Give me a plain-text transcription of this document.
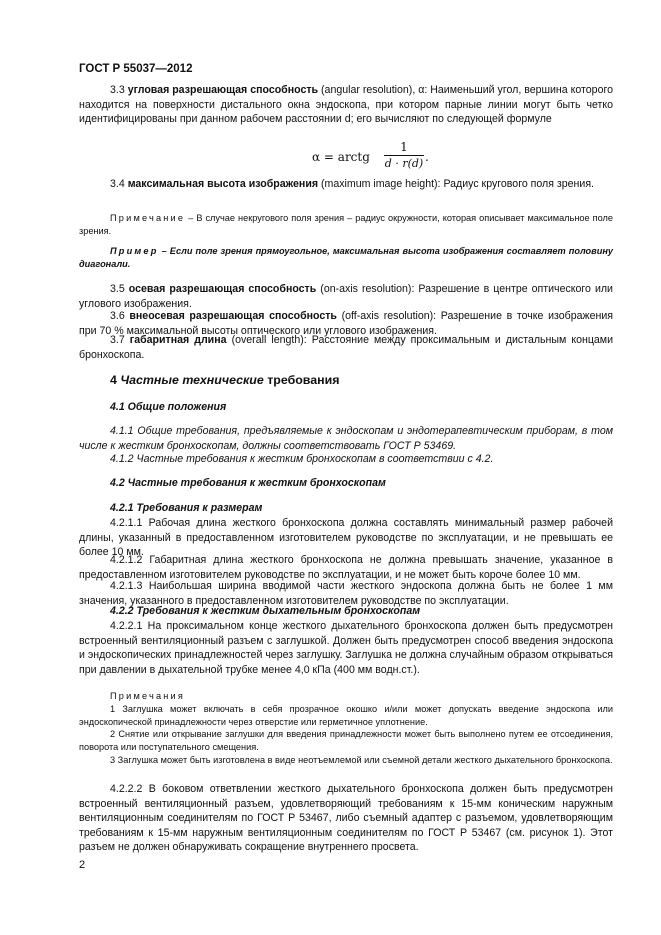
ГОСТ Р 55037—2012
3.3 угловая разрешающая способность (angular resolution), α: Наименьший угол, вершина которого находится на поверхности дистального окна эндоскопа, при котором парные линии могут быть четко идентифицированы при данном рабочем расстоянии d; его вычисляют по следующей формуле
α = arctg
1
d · r(d) .
3.4 максимальная высота изображения (maximum image height): Радиус кругового поля зрения.
Примечание – В случае некругового поля зрения – радиус окружности, которая описывает максимальное поле зрения.
Пример – Если поле зрения прямоугольное, максимальная высота изображения составляет половину диагонали.
3.5 осевая разрешающая способность (on-axis resolution): Разрешение в центре оптического или углового изображения.
3.6 внеосевая разрешающая способность (off-axis resolution): Разрешение в точке изображения при 70 % максимальной высоты оптического или углового изображения.
3.7 габаритная длина (overall length): Расстояние между проксимальным и дистальным концами бронхоскопа.
4 Частные технические требования
4.1 Общие положения
4.1.1 Общие требования, предъявляемые к эндоскопам и эндотерапевтическим приборам, в том числе к жестким бронхоскопам, должны соответствовать ГОСТ Р 53469.
4.1.2 Частные требования к жестким бронхоскопам в соответствии с 4.2.
4.2 Частные требования к жестким бронхоскопам
4.2.1 Требования к размерам
4.2.1.1 Рабочая длина жесткого бронхоскопа должна составлять минимальный размер рабочей длины, указанный в предоставленном изготовителем руководстве по эксплуатации, и не превышать ее более 10 мм.
4.2.1.2 Габаритная длина жесткого бронхоскопа не должна превышать значение, указанное в предоставленном изготовителем руководстве по эксплуатации, и не может быть короче более 10 мм.
4.2.1.3 Наибольшая ширина вводимой части жесткого эндоскопа должна быть не более 1 мм значения, указанного в предоставленном изготовителем руководстве по эксплуатации.
4.2.2 Требования к жестким дыхательным бронхоскопам
4.2.2.1 На проксимальном конце жесткого дыхательного бронхоскопа должен быть предусмотрен встроенный вентиляционный разъем с заглушкой. Должен быть предусмотрен способ введения эндоскопа и эндоскопических принадлежностей через заглушку. Заглушка не должна случайным образом открываться при давлении в дыхательной трубке менее 4,0 кПа (400 мм водн.ст.).
Примечания
1 Заглушка может включать в себя прозрачное окошко и/или может допускать введение эндоскопа или эндоскопической принадлежности через отверстие или герметичное уплотнение.
2 Снятие или открывание заглушки для введения принадлежности может быть выполнено путем ее отсоединения, поворота или поступательного смещения.
3 Заглушка может быть изготовлена в виде неотъемлемой или съемной детали жесткого дыхательного бронхоскопа.
4.2.2.2 В боковом ответвлении жесткого дыхательного бронхоскопа должен быть предусмотрен встроенный вентиляционный разъем, удовлетворяющий требованиям к 15-мм коническим наружным вентиляционным соединителям по ГОСТ Р 53467, либо съемный адаптер с разъемом, удовлетворяющим требованиям к 15-мм наружным вентиляционным соединителям по ГОСТ Р 53467 (см. рисунок 1). Этот разъем не должен обнаруживать сокращение внутреннего просвета.
2
